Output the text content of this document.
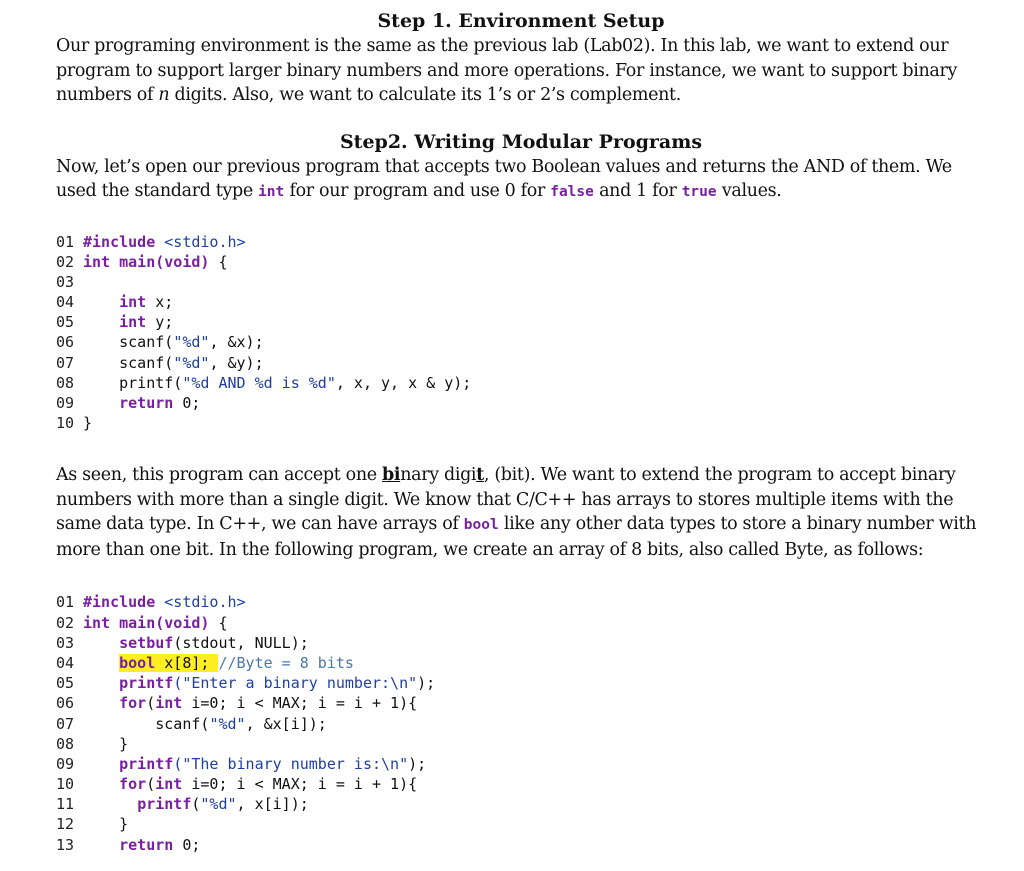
Step 1. Environment Setup

Our programing environment is the same as the previous lab (Lab02). In this lab, we want to extend our program to support larger binary numbers and more operations. For instance, we want to support binary numbers of n digits. Also, we want to calculate its 1’s or 2’s complement.

Step2. Writing Modular Programs

Now, let’s open our previous program that accepts two Boolean values and returns the AND of them. We used the standard type int for our program and use 0 for false and 1 for true values.

01 #include <stdio.h>
02 int main(void) {
03
04	int x;
05	int y;
06    scanf("%d", &x);
07    scanf("%d", &y);
08    printf("%d AND %d is %d", x, y, x & y);
09	return 0;
10 }

As seen, this program can accept one binary digit, (bit). We want to extend the program to accept binary numbers with more than a single digit. We know that C/C++ has arrays to stores multiple items with the same data type. In C++, we can have arrays of bool like any other data types to store a binary number with more than one bit. In the following program, we create an array of 8 bits, also called Byte, as follows:

01 #include <stdio.h>
02 int main(void) {
03	setbuf(stdout, NULL);
04	bool x[8]; //Byte = 8 bits
05	printf("Enter a binary number:\n");
06	for(int i=0; i < MAX; i = i + 1){
07        scanf("%d", &x[i]);
08    }
09	printf("The binary number is:\n");
10	for(int i=0; i < MAX; i = i + 1){
11	printf("%d", x[i]);
12    }
13	return 0;
